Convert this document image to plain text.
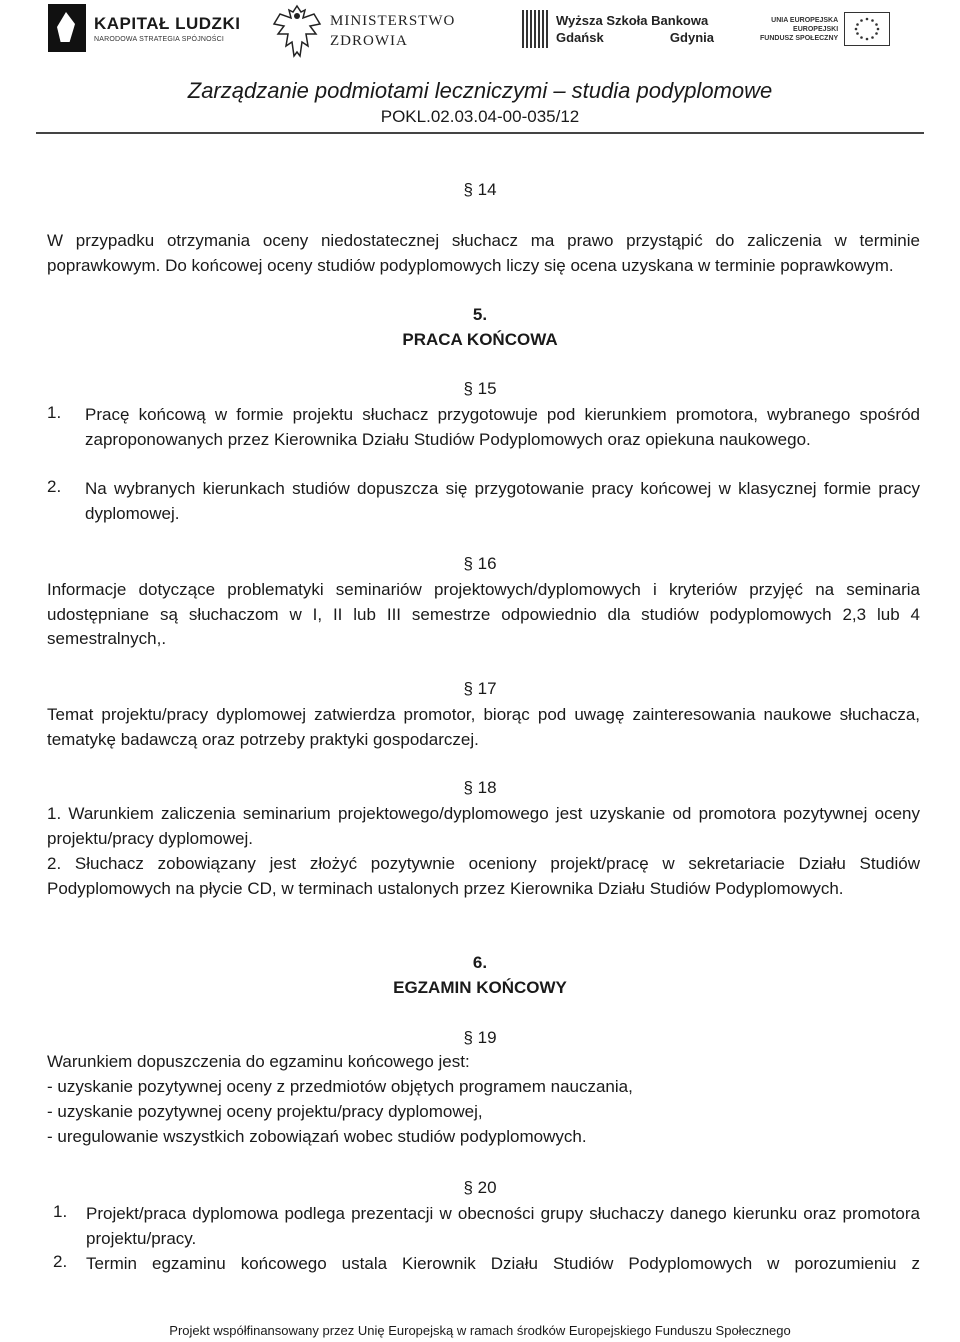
KAPITAŁ LUDZKI
NARODOWA STRATEGIA SPÓJNOŚCI
MINISTERSTWO
ZDROWIA
Wyższa Szkoła Bankowa
Gdańsk	Gdynia
UNIA EUROPEJSKA
EUROPEJSKI
FUNDUSZ SPOŁECZNY
Zarządzanie podmiotami leczniczymi – studia podyplomowe
POKL.02.03.04-00-035/12
§ 14
W przypadku otrzymania oceny niedostatecznej słuchacz ma prawo przystąpić do zaliczenia w terminie poprawkowym. Do końcowej oceny studiów podyplomowych liczy się ocena uzyskana w terminie poprawkowym.
5.
PRACA KOŃCOWA
§ 15
1.	Pracę końcową w formie projektu słuchacz przygotowuje pod kierunkiem promotora, wybranego spośród zaproponowanych przez Kierownika Działu Studiów Podyplomowych oraz opiekuna naukowego.
2.	Na wybranych kierunkach studiów dopuszcza się przygotowanie pracy końcowej w klasycznej formie pracy dyplomowej.
§ 16
Informacje dotyczące problematyki seminariów projektowych/dyplomowych i kryteriów przyjęć na seminaria udostępniane są słuchaczom w I, II lub III semestrze odpowiednio dla studiów podyplomowych 2,3 lub 4 semestralnych,.
§ 17
Temat projektu/pracy dyplomowej zatwierdza promotor, biorąc pod uwagę zainteresowania naukowe słuchacza, tematykę badawczą oraz potrzeby praktyki gospodarczej.
§ 18
1. Warunkiem zaliczenia seminarium projektowego/dyplomowego jest uzyskanie od promotora pozytywnej oceny projektu/pracy dyplomowej.
2. Słuchacz zobowiązany jest złożyć pozytywnie oceniony projekt/pracę w sekretariacie Działu Studiów Podyplomowych na płycie CD, w terminach ustalonych przez Kierownika Działu Studiów Podyplomowych.
6.
EGZAMIN KOŃCOWY
§ 19
Warunkiem dopuszczenia do egzaminu końcowego jest:
- uzyskanie pozytywnej oceny z przedmiotów objętych programem nauczania,
- uzyskanie pozytywnej oceny projektu/pracy dyplomowej,
- uregulowanie wszystkich zobowiązań wobec studiów podyplomowych.
§ 20
1.	Projekt/praca dyplomowa podlega prezentacji w obecności grupy słuchaczy danego kierunku oraz promotora projektu/pracy.
2.	Termin egzaminu końcowego ustala Kierownik Działu Studiów Podyplomowych w porozumieniu z
Projekt współfinansowany przez Unię Europejską w ramach środków Europejskiego Funduszu Społecznego
